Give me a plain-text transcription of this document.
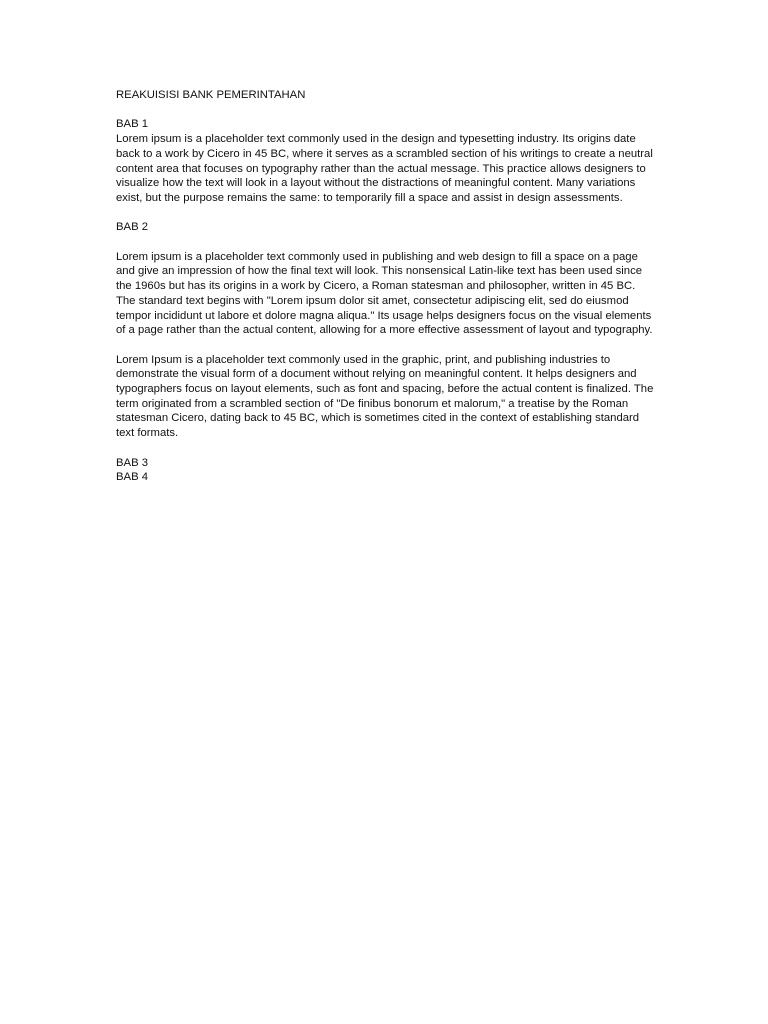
REAKUISISI BANK PEMERINTAHAN

BAB 1

Lorem ipsum is a placeholder text commonly used in the design and typesetting industry. Its origins date back to a work by Cicero in 45 BC, where it serves as a scrambled section of his writings to create a neutral content area that focuses on typography rather than the actual message. This practice allows designers to visualize how the text will look in a layout without the distractions of meaningful content. Many variations exist, but the purpose remains the same: to temporarily fill a space and assist in design assessments.

BAB 2

Lorem ipsum is a placeholder text commonly used in publishing and web design to fill a space on a page and give an impression of how the final text will look. This nonsensical Latin-like text has been used since the 1960s but has its origins in a work by Cicero, a Roman statesman and philosopher, written in 45 BC. The standard text begins with "Lorem ipsum dolor sit amet, consectetur adipiscing elit, sed do eiusmod tempor incididunt ut labore et dolore magna aliqua." Its usage helps designers focus on the visual elements of a page rather than the actual content, allowing for a more effective assessment of layout and typography.

Lorem Ipsum is a placeholder text commonly used in the graphic, print, and publishing industries to demonstrate the visual form of a document without relying on meaningful content. It helps designers and typographers focus on layout elements, such as font and spacing, before the actual content is finalized. The term originated from a scrambled section of "De finibus bonorum et malorum," a treatise by the Roman statesman Cicero, dating back to 45 BC, which is sometimes cited in the context of establishing standard text formats.

BAB 3

BAB 4
